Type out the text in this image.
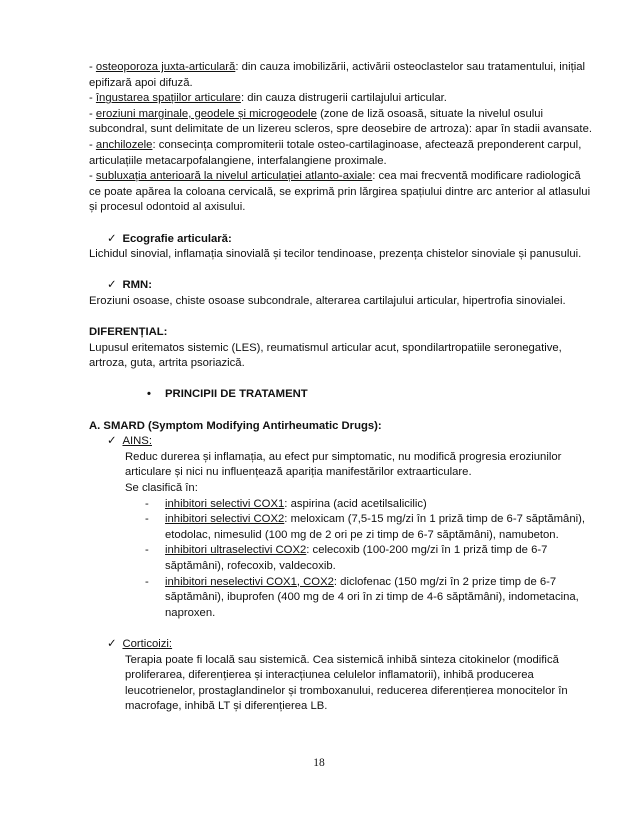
- osteoporoza juxta-articulară: din cauza imobilizării, activării osteoclastelor sau tratamentului, inițial epifizară apoi difuză.

- îngustarea spațiilor articulare: din cauza distrugerii cartilajului articular.

- eroziuni marginale, geodele și microgeodele (zone de liză osoasă, situate la nivelul osului subcondral, sunt delimitate de un lizereu scleros, spre deosebire de artroza): apar în stadii avansate.

- anchilozele: consecința compromiterii totale osteo-cartilaginoase, afectează preponderent carpul, articulațiile metacarpofalangiene, interfalangiene proximale.

- subluxația anterioară la nivelul articulației atlanto-axiale: cea mai frecventă modificare radiologică ce poate apărea la coloana cervicală, se exprimă prin lărgirea spațiului dintre arc anterior al atlasului și procesul odontoid al axisului.

✓ Ecografie articulară:

Lichidul sinovial, inflamația sinovială și tecilor tendinoase, prezența chistelor sinoviale și panusului.

✓ RMN:

Eroziuni osoase, chiste osoase subcondrale, alterarea cartilajului articular, hipertrofia sinovialei.

DIFERENȚIAL:

Lupusul eritematos sistemic (LES), reumatismul articular acut, spondilartropatiile seronegative, artroza, guta, artrita psoriazică.

• PRINCIPII DE TRATAMENT

A. SMARD (Symptom Modifying Antirheumatic Drugs):

✓ AINS:

Reduc durerea și inflamația, au efect pur simptomatic, nu modifică progresia eroziunilor articulare și nici nu influențează apariția manifestărilor extraarticulare.

Se clasifică în:

-	inhibitori selectivi COX1: aspirina (acid acetilsalicilic)
-	inhibitori selectivi COX2: meloxicam (7,5-15 mg/zi în 1 priză timp de 6-7 săptămâni), etodolac, nimesulid (100 mg de 2 ori pe zi timp de 6-7 săptămâni), namubeton.
-	inhibitori ultraselectivi COX2: celecoxib (100-200 mg/zi în 1 priză timp de 6-7 săptămâni), rofecoxib, valdecoxib.
-	inhibitori neselectivi COX1, COX2: diclofenac (150 mg/zi în 2 prize timp de 6-7 săptămâni), ibuprofen (400 mg de 4 ori în zi timp de 4-6 săptămâni), indometacina, naproxen.

✓ Corticoizi:

Terapia poate fi locală sau sistemică. Cea sistemică inhibă sinteza citokinelor (modifică proliferarea, diferențierea și interacțiunea celulelor inflamatorii), inhibă producerea leucotrienelor, prostaglandinelor și tromboxanului, reducerea diferențierea monocitelor în macrofage, inhibă LT și diferențierea LB.

18
